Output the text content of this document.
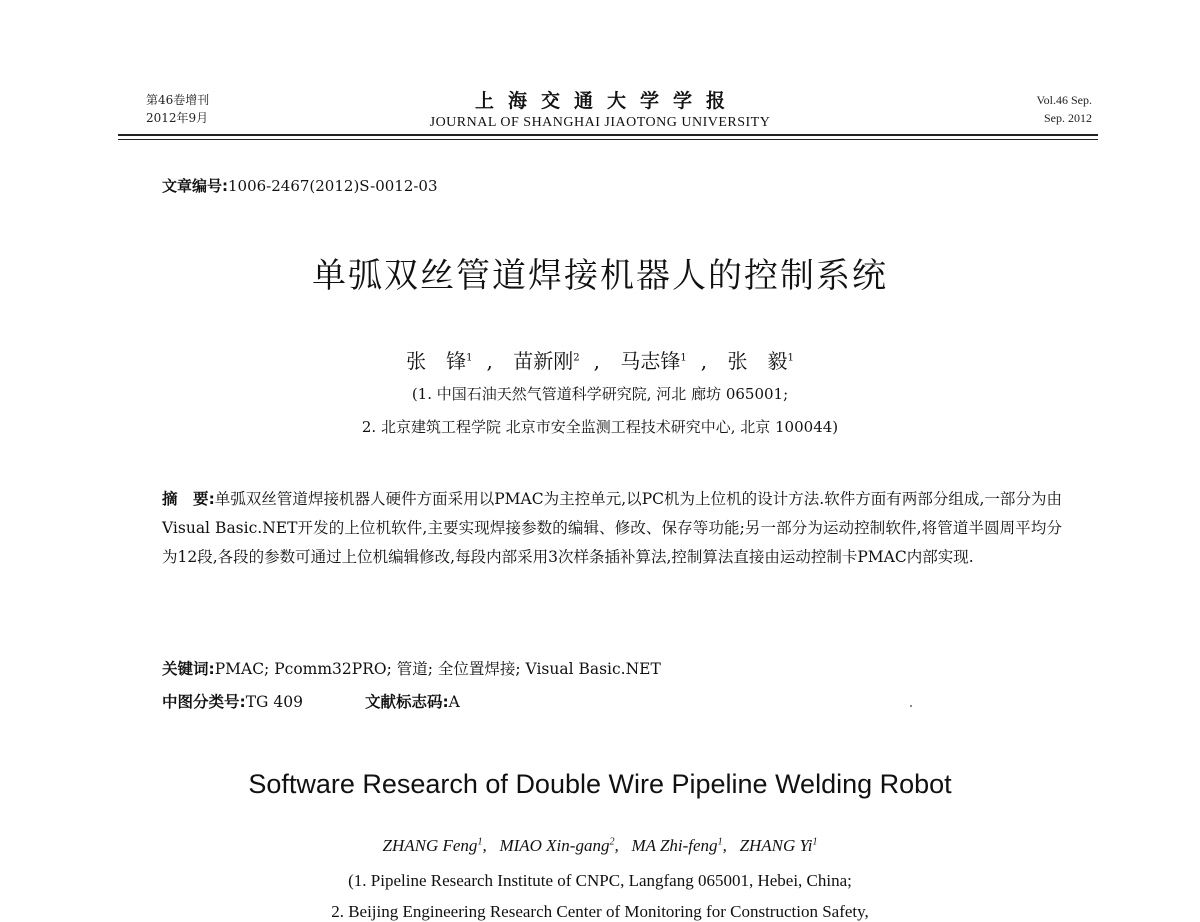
第46卷增刊
2012年9月
上海交通大学学报
JOURNAL OF SHANGHAI JIAOTONG UNIVERSITY
Vol.46 Sep.
Sep. 2012
文章编号:1006-2467(2012)S-0012-03
单弧双丝管道焊接机器人的控制系统
张　锋$^1$ , 苗新刚$^2$ , 马志锋$^1$ , 张　毅$^1$
(1. 中国石油天然气管道科学研究院, 河北 廊坊 065001;
2. 北京建筑工程学院 北京市安全监测工程技术研究中心, 北京 100044)
摘　要:单弧双丝管道焊接机器人硬件方面采用以PMAC为主控单元,以PC机为上位机的设计方法.软件方面有两部分组成,一部分为由Visual Basic.NET开发的上位机软件,主要实现焊接参数的编辑、修改、保存等功能;另一部分为运动控制软件,将管道半圆周平均分为12段,各段的参数可通过上位机编辑修改,每段内部采用3次样条插补算法,控制算法直接由运动控制卡PMAC内部实现.
关键词:PMAC; Pcomm32PRO; 管道; 全位置焊接; Visual Basic.NET
中图分类号:TG 409	文献标志码:A
Software Research of Double Wire Pipeline Welding Robot
ZHANG Feng$^1$,   MIAO Xin-gang$^2$,   MA Zhi-feng$^1$,   ZHANG Yi$^1$
(1. Pipeline Research Institute of CNPC, Langfang 065001, Hebei, China;
2. Beijing Engineering Research Center of Monitoring for Construction Safety,
